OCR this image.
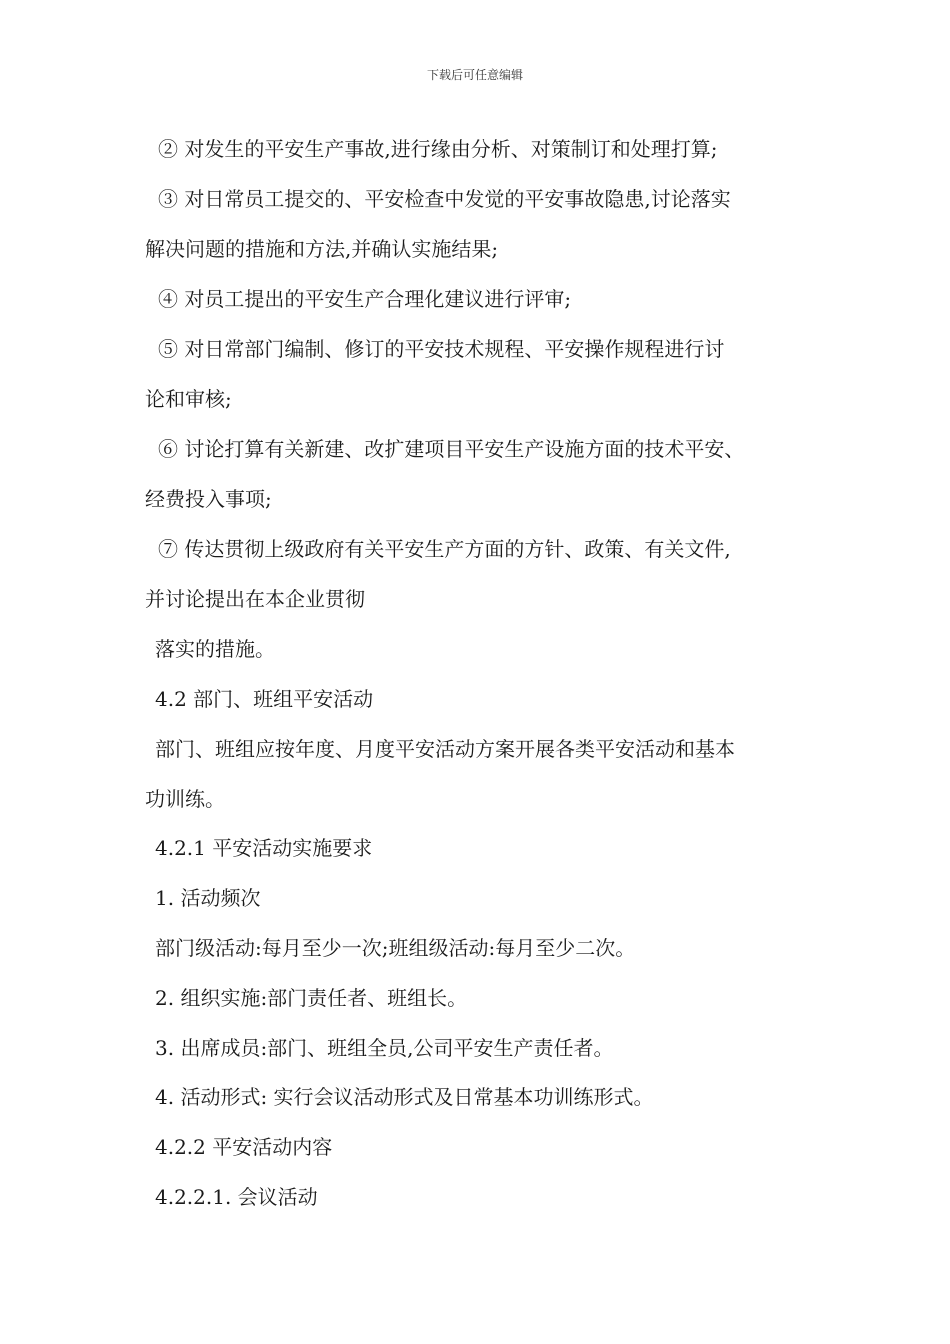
下载后可任意编辑
② 对发生的平安生产事故,进行缘由分析、对策制订和处理打算;
③ 对日常员工提交的、平安检查中发觉的平安事故隐患,讨论落实
解决问题的措施和方法,并确认实施结果;
④ 对员工提出的平安生产合理化建议进行评审;
⑤ 对日常部门编制、修订的平安技术规程、平安操作规程进行讨
论和审核;
⑥ 讨论打算有关新建、改扩建项目平安生产设施方面的技术平安、
经费投入事项;
⑦ 传达贯彻上级政府有关平安生产方面的方针、政策、有关文件,
并讨论提出在本企业贯彻
落实的措施。
4.2 部门、班组平安活动
部门、班组应按年度、月度平安活动方案开展各类平安活动和基本
功训练。
4.2.1 平安活动实施要求
1. 活动频次
部门级活动:每月至少一次;班组级活动:每月至少二次。
2. 组织实施:部门责任者、班组长。
3. 出席成员:部门、班组全员,公司平安生产责任者。
4. 活动形式: 实行会议活动形式及日常基本功训练形式。
4.2.2 平安活动内容
4.2.2.1. 会议活动
